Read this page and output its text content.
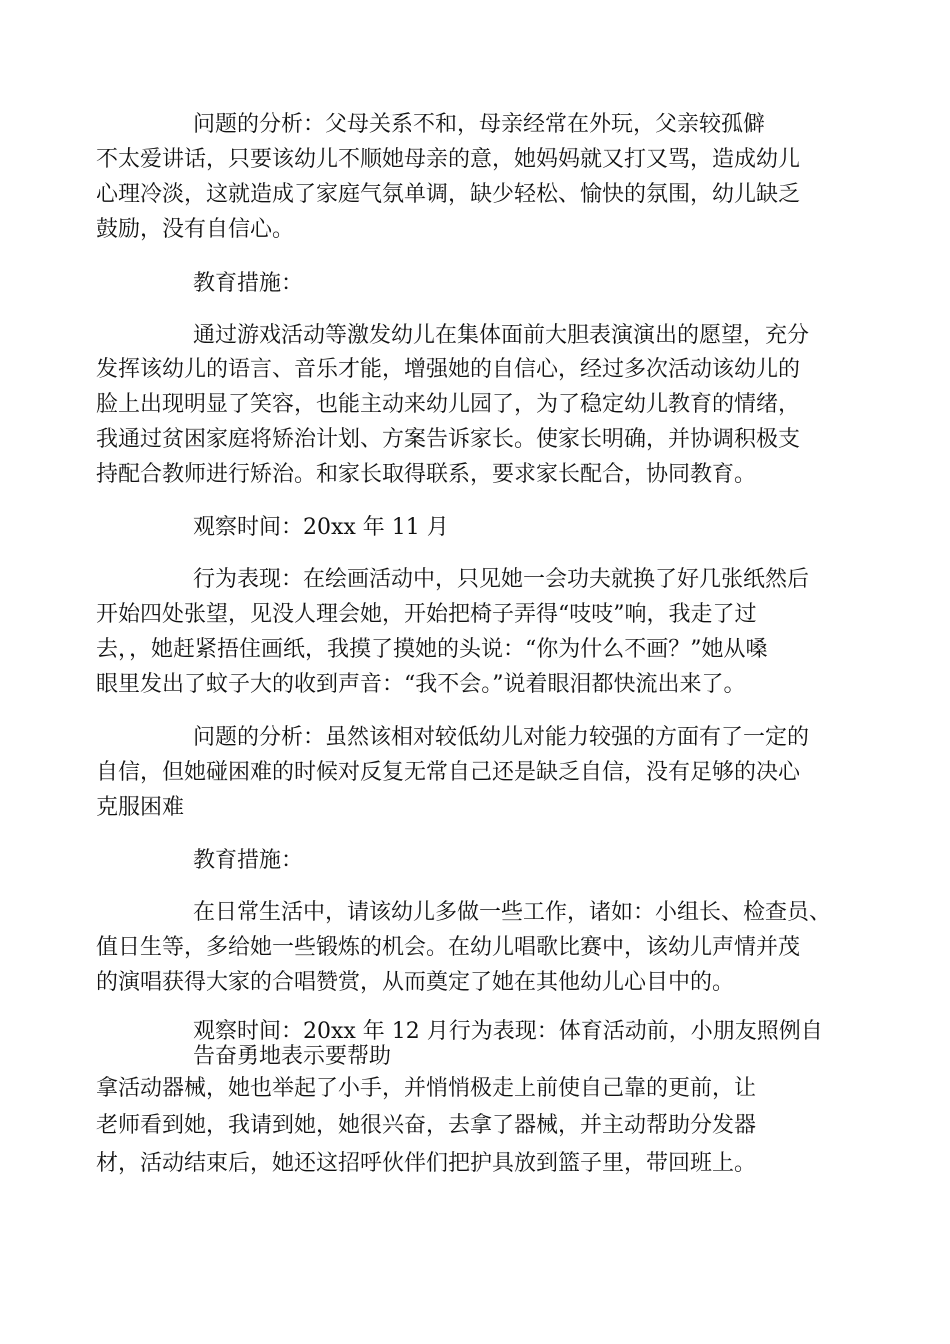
问题的分析：父母关系不和，母亲经常在外玩，父亲较孤僻

不太爱讲话，只要该幼儿不顺她母亲的意，她妈妈就又打又骂，造成幼儿

心理冷淡，这就造成了家庭气氛单调，缺少轻松、愉快的氛围，幼儿缺乏

鼓励，没有自信心。

教育措施：

通过游戏活动等激发幼儿在集体面前大胆表演演出的愿望，充分

发挥该幼儿的语言、音乐才能，增强她的自信心，经过多次活动该幼儿的

脸上出现明显了笑容，也能主动来幼儿园了，为了稳定幼儿教育的情绪，

我通过贫困家庭将矫治计划、方案告诉家长。使家长明确，并协调积极支

持配合教师进行矫治。和家长取得联系，要求家长配合，协同教育。

观察时间：20xx 年 11 月

行为表现：在绘画活动中，只见她一会功夫就换了好几张纸然后

开始四处张望，见没人理会她，开始把椅子弄得“吱吱”响，我走了过

去，，她赶紧捂住画纸，我摸了摸她的头说：“你为什么不画？”她从嗓

眼里发出了蚊子大的收到声音：“我不会。”说着眼泪都快流出来了。

问题的分析：虽然该相对较低幼儿对能力较强的方面有了一定的

自信，但她碰困难的时候对反复无常自己还是缺乏自信，没有足够的决心

克服困难

教育措施：

在日常生活中，请该幼儿多做一些工作，诸如：小组长、检查员、

值日生等，多给她一些锻炼的机会。在幼儿唱歌比赛中，该幼儿声情并茂

的演唱获得大家的合唱赞赏，从而奠定了她在其他幼儿心目中的。

观察时间：20xx 年 12 月行为表现：体育活动前，小朋友照例自

告奋勇地表示要帮助

拿活动器械，她也举起了小手，并悄悄极走上前使自己靠的更前，让

老师看到她，我请到她，她很兴奋，去拿了器械，并主动帮助分发器

材，活动结束后，她还这招呼伙伴们把护具放到篮子里，带回班上。
